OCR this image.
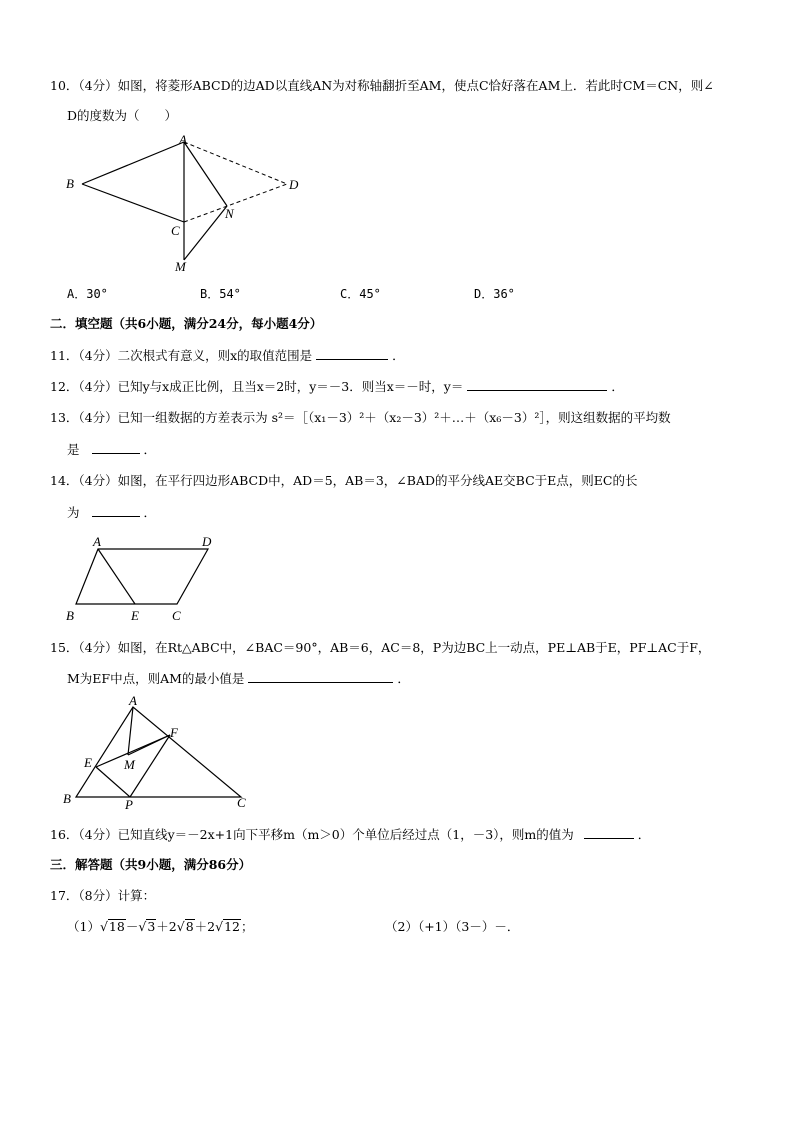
10．（4分）如图，将菱形ABCD的边AD以直线AN为对称轴翻折至AM，使点C恰好落在AM上．若此时CM＝CN，则∠
D的度数为（　　）
A
B
C
D
N
M
A．30°	B．54°	C．45°	D．36°
二．填空题（共6小题，满分24分，每小题4分）
11．（4分）二次根式有意义，则x的取值范围是	．
12．（4分）已知y与x成正比例，且当x＝2时，y＝－3．则当x＝－时，y＝	．
13．（4分）已知一组数据的方差表示为 s²＝［（x₁－3）²＋（x₂－3）²＋…＋（x₆－3）²］，则这组数据的平均数
是	．
14．（4分）如图，在平行四边形ABCD中，AD＝5，AB＝3，∠BAD的平分线AE交BC于E点，则EC的长
为	．
A	D
B	E	C
15．（4分）如图，在Rt△ABC中，∠BAC＝90°，AB＝6，AC＝8，P为边BC上一动点，PE⊥AB于E，PF⊥AC于F，
M为EF中点，则AM的最小值是	．
A
F
E M
B	P	C
16．（4分）已知直线y＝－2x+1向下平移m（m＞0）个单位后经过点（1，－3），则m的值为	．
三．解答题（共9小题，满分86分）
17．（8分）计算：
（1）√18－√3＋2√8＋2√12；	（2）（+1）（3－）－．
